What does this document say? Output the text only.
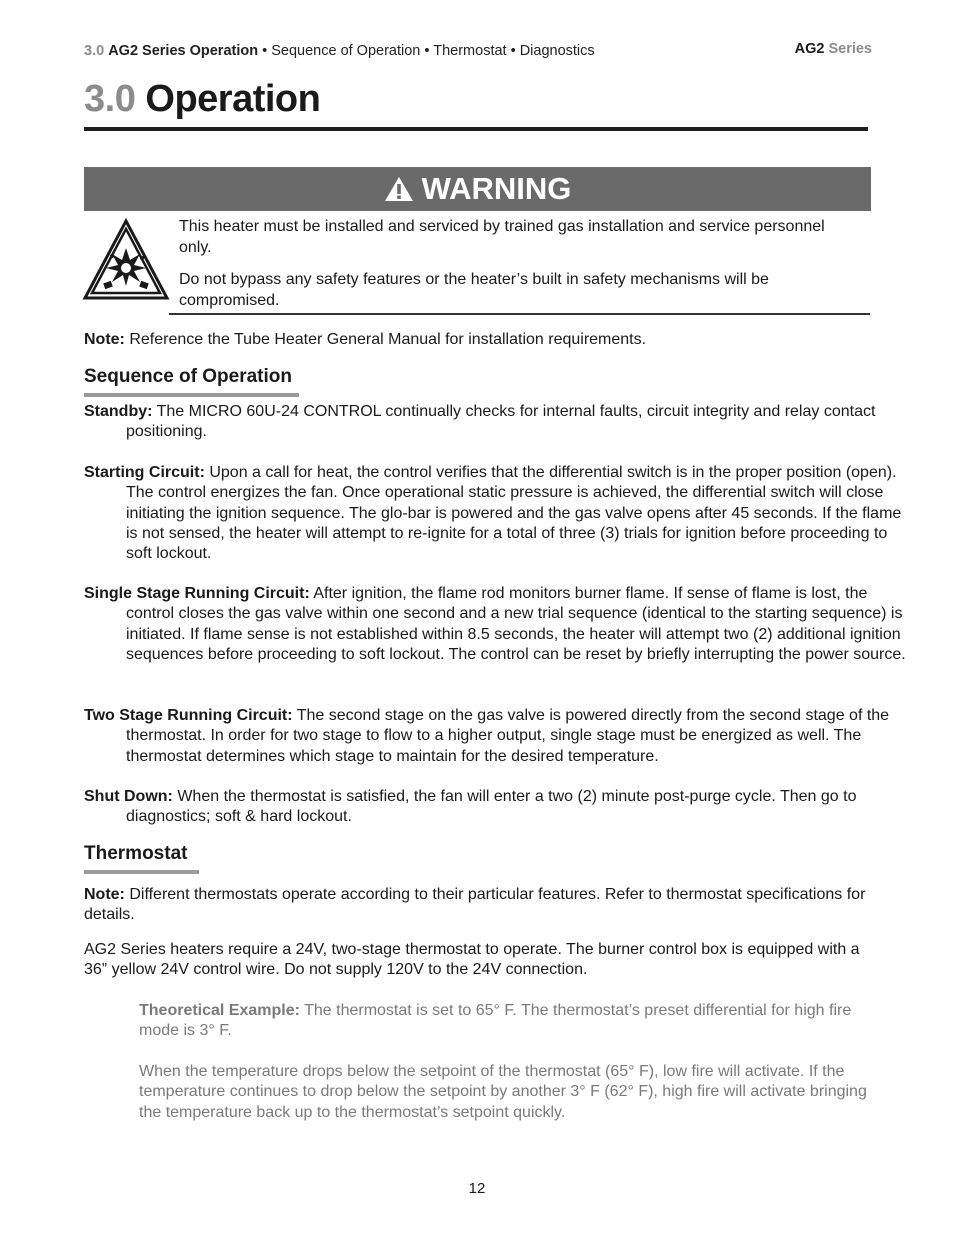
3.0 AG2 Series Operation • Sequence of Operation • Thermostat • Diagnostics	AG2 Series
3.0 Operation
WARNING

This heater must be installed and serviced by trained gas installation and service personnel only.

Do not bypass any safety features or the heater’s built in safety mechanisms will be compromised.

Note: Reference the Tube Heater General Manual for installation requirements.
Sequence of Operation
Standby: The MICRO 60U-24 CONTROL continually checks for internal faults, circuit integrity and relay contact positioning.
Starting Circuit: Upon a call for heat, the control verifies that the differential switch is in the proper position (open). The control energizes the fan. Once operational static pressure is achieved, the differential switch will close initiating the ignition sequence. The glo-bar is powered and the gas valve opens after 45 seconds. If the flame is not sensed, the heater will attempt to re-ignite for a total of three (3) trials for ignition before proceeding to soft lockout.
Single Stage Running Circuit: After ignition, the flame rod monitors burner flame. If sense of flame is lost, the control closes the gas valve within one second and a new trial sequence (identical to the starting sequence) is initiated. If flame sense is not established within 8.5 seconds, the heater will attempt two (2) additional ignition sequences before proceeding to soft lockout. The control can be reset by briefly interrupting the power source.
Two Stage Running Circuit: The second stage on the gas valve is powered directly from the second stage of the thermostat. In order for two stage to flow to a higher output, single stage must be energized as well. The thermostat determines which stage to maintain for the desired temperature.
Shut Down: When the thermostat is satisfied, the fan will enter a two (2) minute post-purge cycle. Then go to diagnostics; soft & hard lockout.
Thermostat
Note: Different thermostats operate according to their particular features. Refer to thermostat specifications for details.
AG2 Series heaters require a 24V, two-stage thermostat to operate. The burner control box is equipped with a 36” yellow 24V control wire. Do not supply 120V to the 24V connection.
Theoretical Example: The thermostat is set to 65° F. The thermostat’s preset differential for high fire mode is 3° F.
When the temperature drops below the setpoint of the thermostat (65° F), low fire will activate. If the temperature continues to drop below the setpoint by another 3° F (62° F), high fire will activate bringing the temperature back up to the thermostat’s setpoint quickly.
12
